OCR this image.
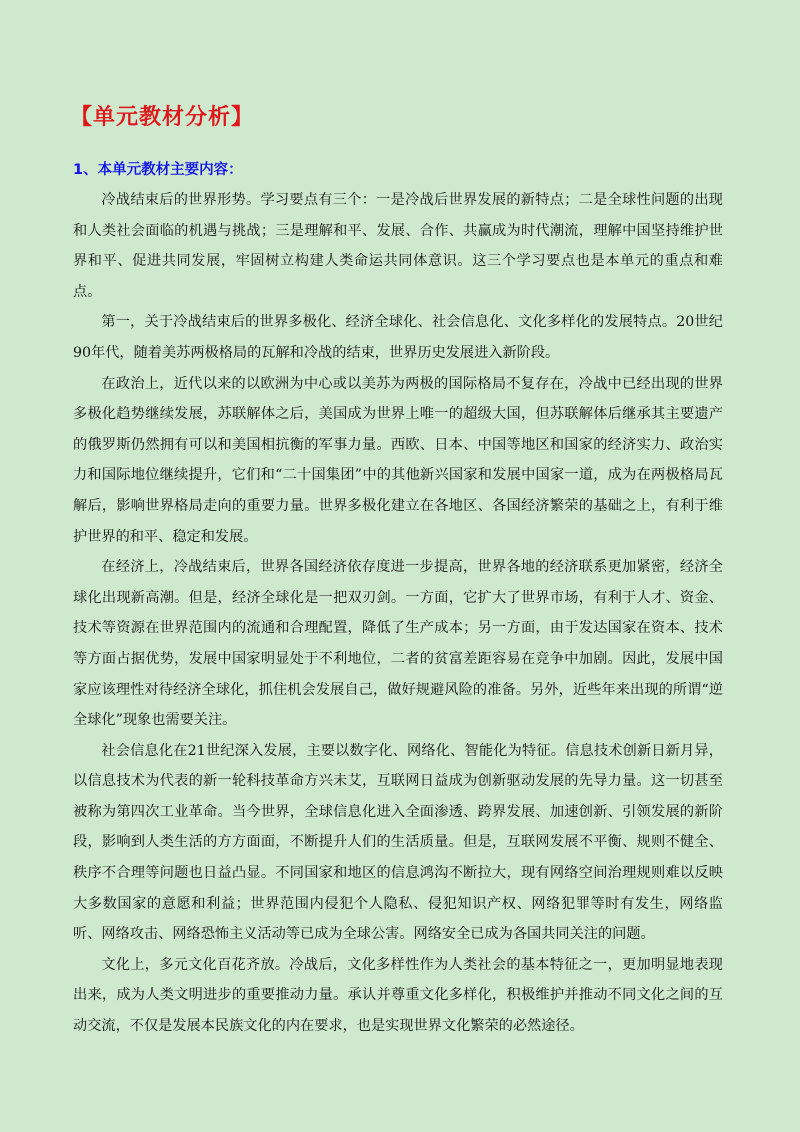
【单元教材分析】
1、本单元教材主要内容：

冷战结束后的世界形势。学习要点有三个：一是冷战后世界发展的新特点；二是全球性问题的出现和人类社会面临的机遇与挑战；三是理解和平、发展、合作、共赢成为时代潮流，理解中国坚持维护世界和平、促进共同发展，牢固树立构建人类命运共同体意识。这三个学习要点也是本单元的重点和难点。

第一，关于冷战结束后的世界多极化、经济全球化、社会信息化、文化多样化的发展特点。20世纪90年代，随着美苏两极格局的瓦解和冷战的结束，世界历史发展进入新阶段。

在政治上，近代以来的以欧洲为中心或以美苏为两极的国际格局不复存在，冷战中已经出现的世界多极化趋势继续发展，苏联解体之后，美国成为世界上唯一的超级大国，但苏联解体后继承其主要遗产的俄罗斯仍然拥有可以和美国相抗衡的军事力量。西欧、日本、中国等地区和国家的经济实力、政治实力和国际地位继续提升，它们和“二十国集团”中的其他新兴国家和发展中国家一道，成为在两极格局瓦解后，影响世界格局走向的重要力量。世界多极化建立在各地区、各国经济繁荣的基础之上，有利于维护世界的和平、稳定和发展。

在经济上，冷战结束后，世界各国经济依存度进一步提高，世界各地的经济联系更加紧密，经济全球化出现新高潮。但是，经济全球化是一把双刃剑。一方面，它扩大了世界市场，有利于人才、资金、技术等资源在世界范围内的流通和合理配置，降低了生产成本；另一方面，由于发达国家在资本、技术等方面占据优势，发展中国家明显处于不利地位，二者的贫富差距容易在竞争中加剧。因此，发展中国家应该理性对待经济全球化，抓住机会发展自己，做好规避风险的准备。另外，近些年来出现的所谓“逆全球化”现象也需要关注。

社会信息化在21世纪深入发展，主要以数字化、网络化、智能化为特征。信息技术创新日新月异，以信息技术为代表的新一轮科技革命方兴未艾，互联网日益成为创新驱动发展的先导力量。这一切甚至被称为第四次工业革命。当今世界，全球信息化进入全面渗透、跨界发展、加速创新、引领发展的新阶段，影响到人类生活的方方面面，不断提升人们的生活质量。但是，互联网发展不平衡、规则不健全、秩序不合理等问题也日益凸显。不同国家和地区的信息鸿沟不断拉大，现有网络空间治理规则难以反映大多数国家的意愿和利益；世界范围内侵犯个人隐私、侵犯知识产权、网络犯罪等时有发生，网络监听、网络攻击、网络恐怖主义活动等已成为全球公害。网络安全已成为各国共同关注的问题。

文化上，多元文化百花齐放。冷战后，文化多样性作为人类社会的基本特征之一，更加明显地表现出来，成为人类文明进步的重要推动力量。承认并尊重文化多样化，积极维护并推动不同文化之间的互动交流，不仅是发展本民族文化的内在要求，也是实现世界文化繁荣的必然途径。
